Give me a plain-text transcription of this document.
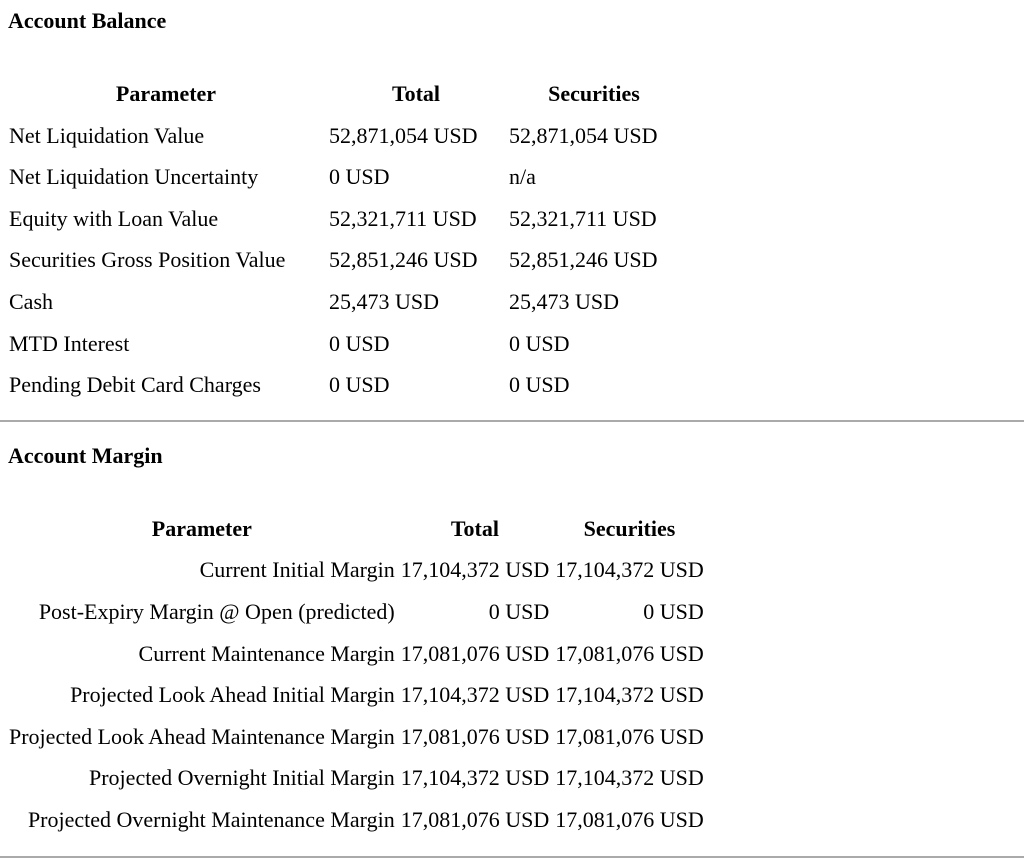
Account Balance
Parameter	Total	Securities
Net Liquidation Value	52,871,054 USD	52,871,054 USD
Net Liquidation Uncertainty	0 USD	n/a
Equity with Loan Value	52,321,711 USD	52,321,711 USD
Securities Gross Position Value	52,851,246 USD	52,851,246 USD
Cash	25,473 USD	25,473 USD
MTD Interest	0 USD	0 USD
Pending Debit Card Charges	0 USD	0 USD
Account Margin
Parameter	Total	Securities
Current Initial Margin	17,104,372 USD	17,104,372 USD
Post-Expiry Margin @ Open (predicted)	0 USD	0 USD
Current Maintenance Margin	17,081,076 USD	17,081,076 USD
Projected Look Ahead Initial Margin	17,104,372 USD	17,104,372 USD
Projected Look Ahead Maintenance Margin	17,081,076 USD	17,081,076 USD
Projected Overnight Initial Margin	17,104,372 USD	17,104,372 USD
Projected Overnight Maintenance Margin	17,081,076 USD	17,081,076 USD
